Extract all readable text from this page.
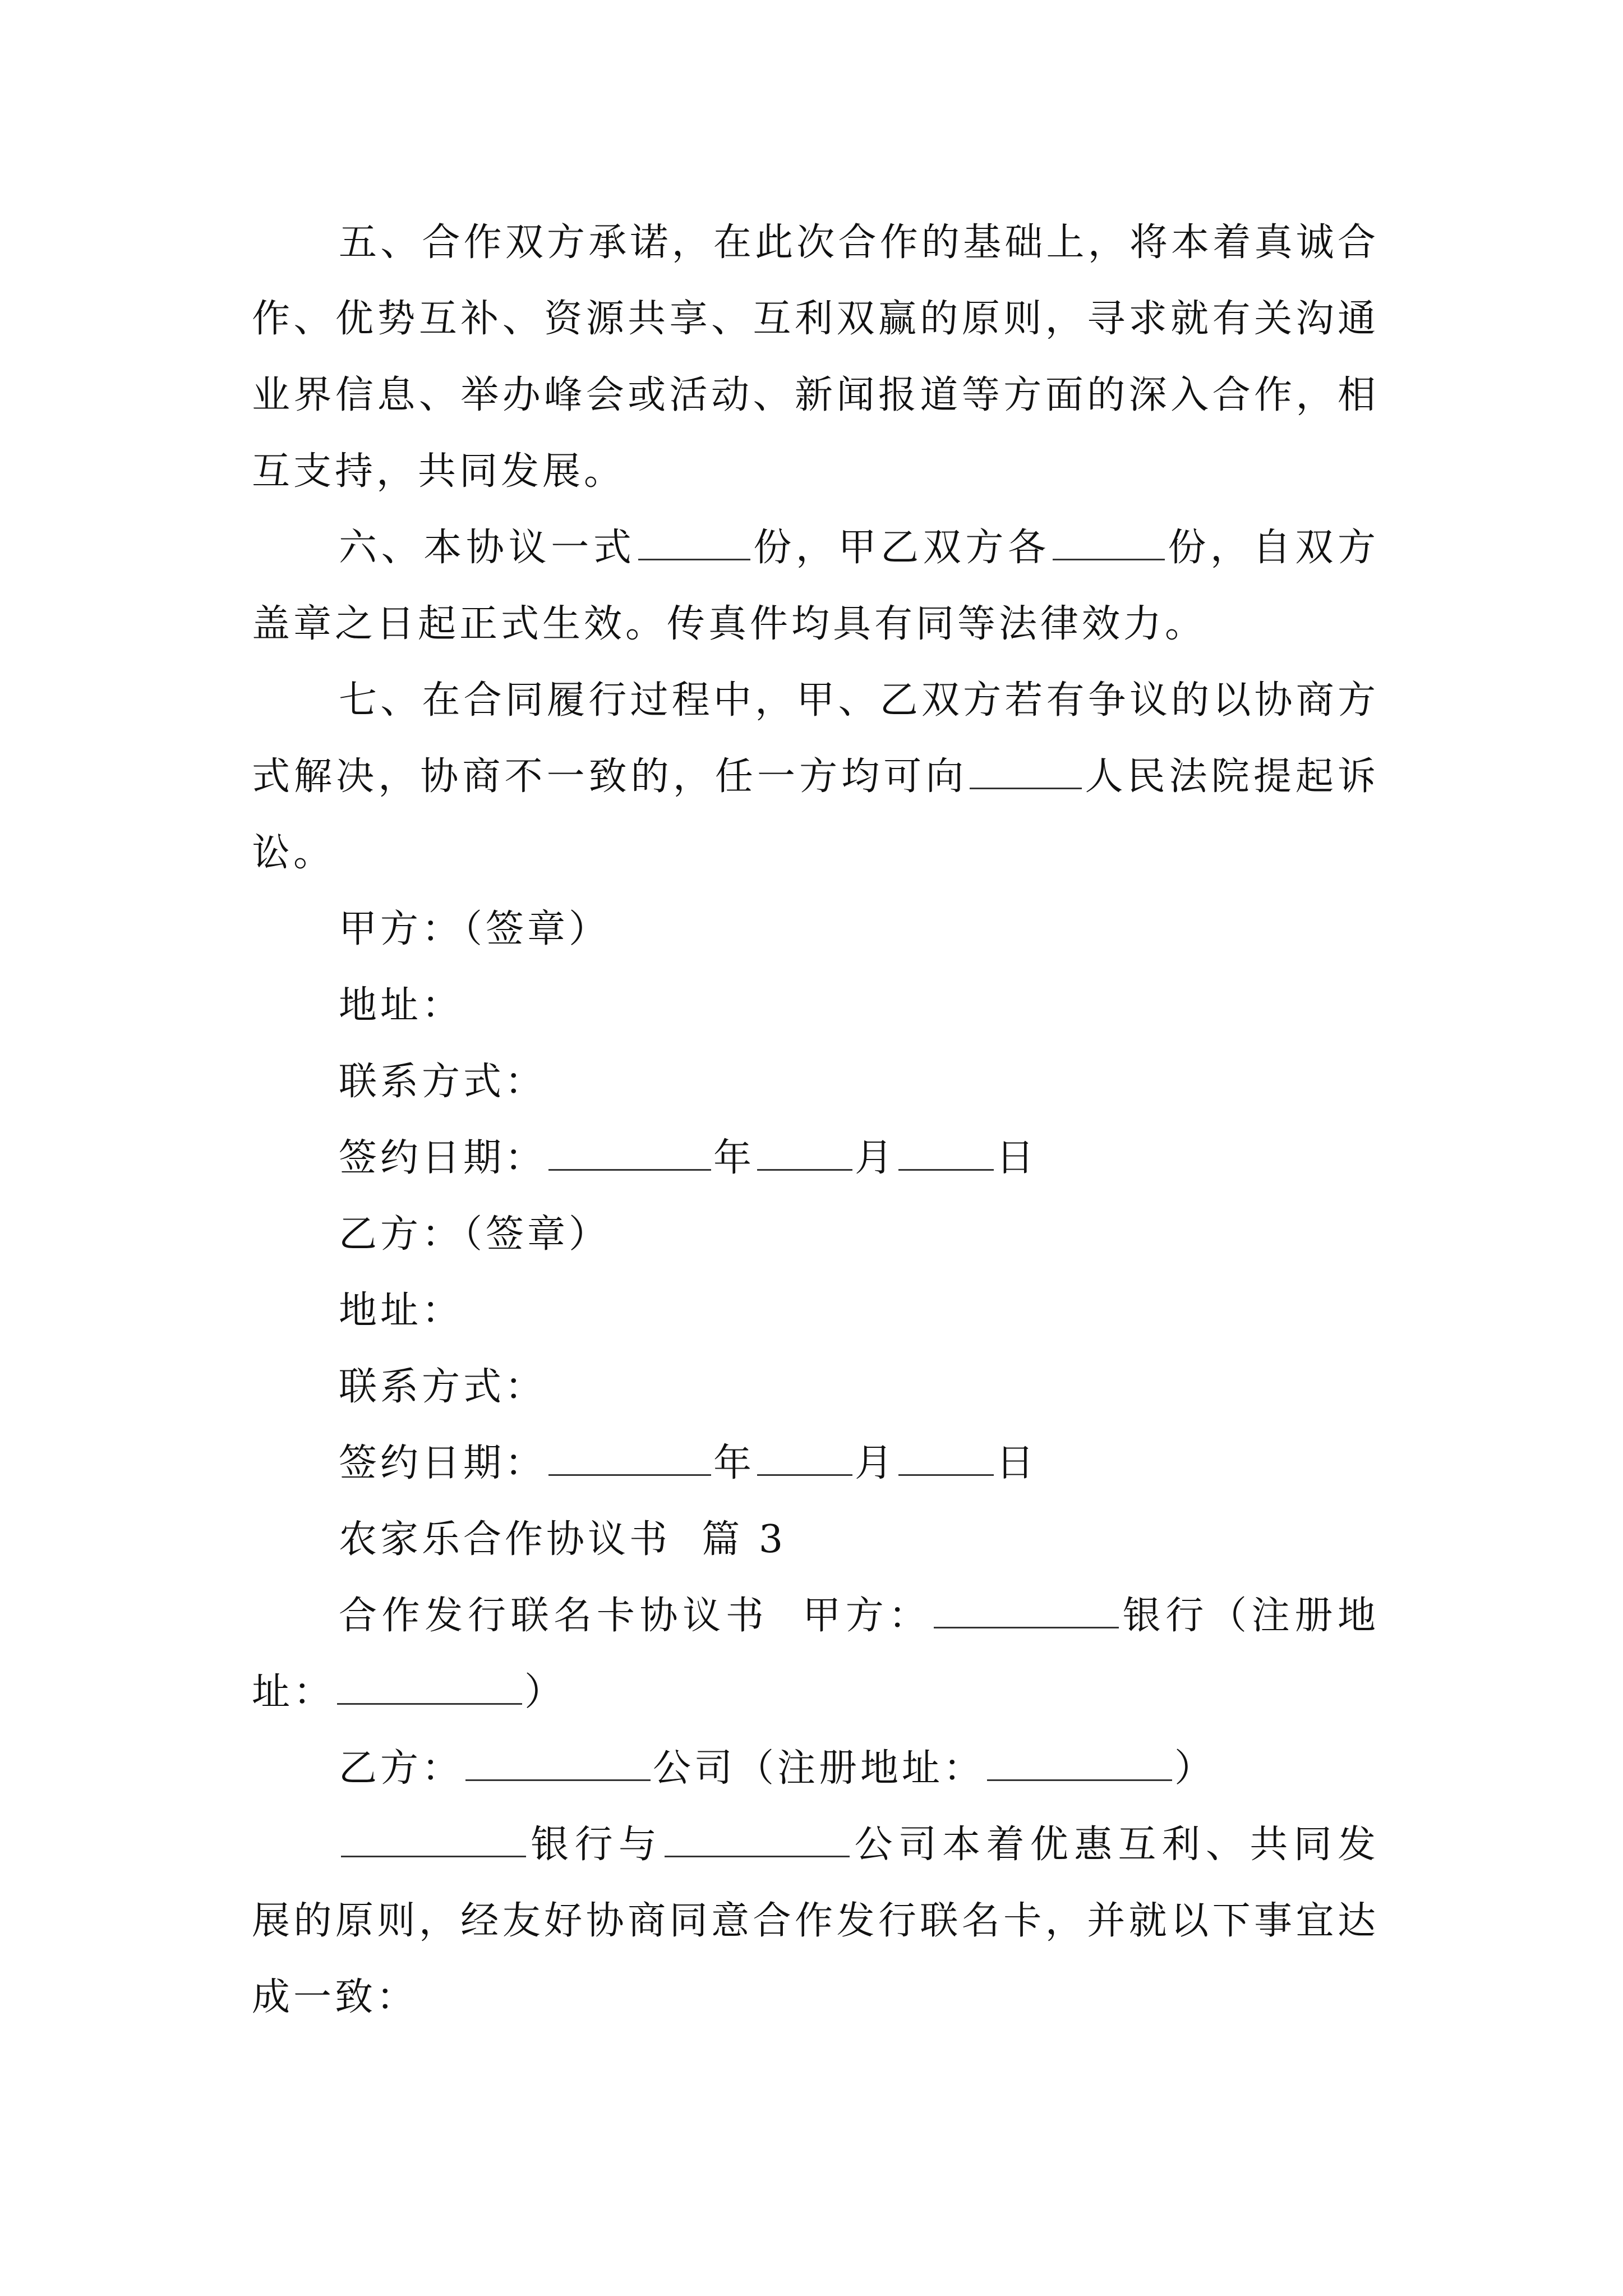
五、合作双方承诺，在此次合作的基础上，将本着真诚合作、优势互补、资源共享、互利双赢的原则，寻求就有关沟通业界信息、举办峰会或活动、新闻报道等方面的深入合作，相互支持，共同发展。

六、本协议一式	份，甲乙双方各	份，自双方盖章之日起正式生效。传真件均具有同等法律效力。

七、在合同履行过程中，甲、乙双方若有争议的以协商方式解决，协商不一致的，任一方均可向	人民法院提起诉讼。

甲方：（签章）

地址：

联系方式：

签约日期：	年	月	日

乙方：（签章）

地址：

联系方式：

签约日期：	年	月	日

农家乐合作协议书  篇 3

合作发行联名卡协议书  甲方：	银行（注册地址：	）

乙方：	公司（注册地址：	）

银行与	公司本着优惠互利、共同发展的原则，经友好协商同意合作发行联名卡，并就以下事宜达成一致：
